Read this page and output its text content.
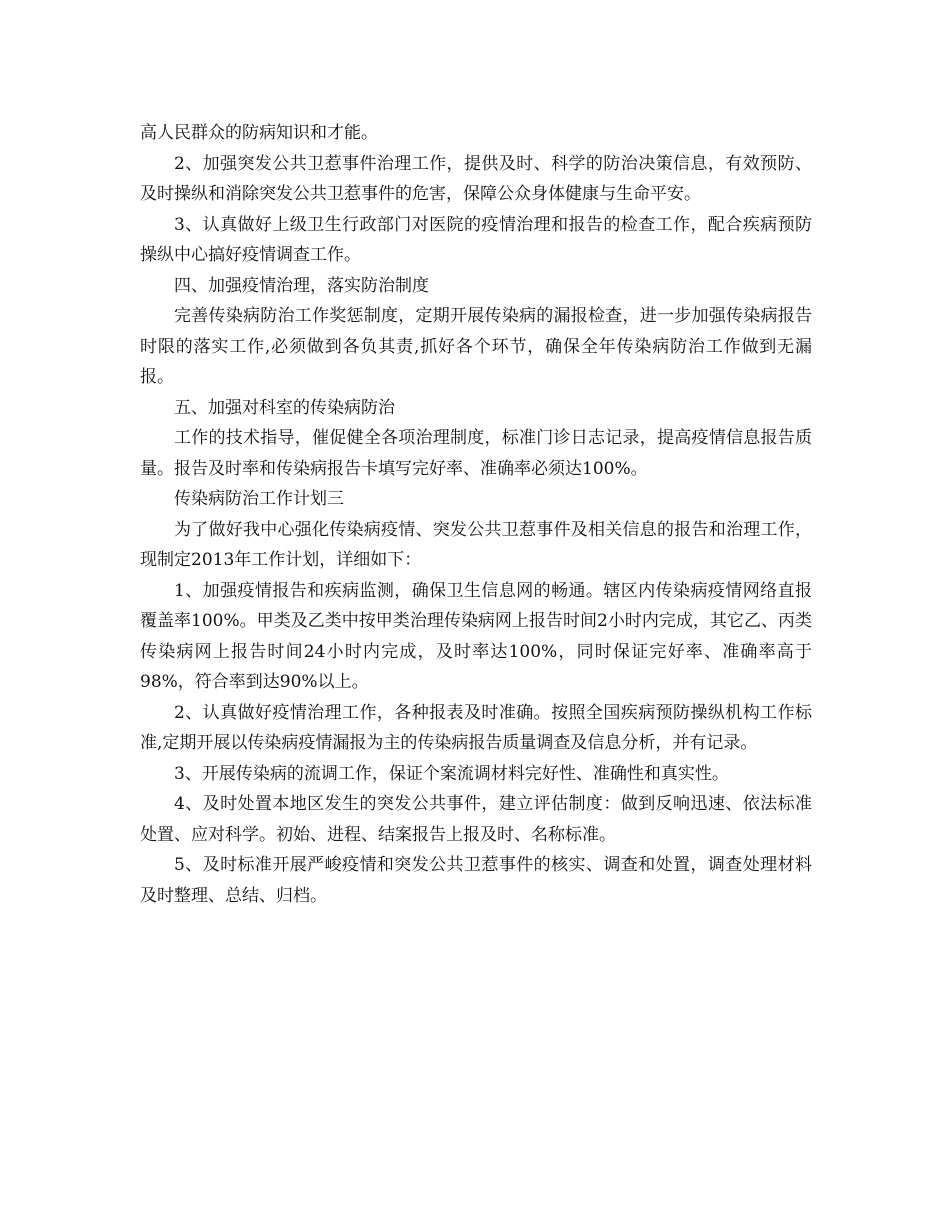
高人民群众的防病知识和才能。

2、加强突发公共卫惹事件治理工作，提供及时、科学的防治决策信息，有效预防、及时操纵和消除突发公共卫惹事件的危害，保障公众身体健康与生命平安。

3、认真做好上级卫生行政部门对医院的疫情治理和报告的检查工作，配合疾病预防操纵中心搞好疫情调查工作。

四、加强疫情治理，落实防治制度

完善传染病防治工作奖惩制度，定期开展传染病的漏报检查，进一步加强传染病报告时限的落实工作,必须做到各负其责,抓好各个环节，确保全年传染病防治工作做到无漏报。

五、加强对科室的传染病防治

工作的技术指导，催促健全各项治理制度，标准门诊日志记录，提高疫情信息报告质量。报告及时率和传染病报告卡填写完好率、准确率必须达100%。

传染病防治工作计划三

为了做好我中心强化传染病疫情、突发公共卫惹事件及相关信息的报告和治理工作，现制定2013年工作计划，详细如下：

1、加强疫情报告和疾病监测，确保卫生信息网的畅通。辖区内传染病疫情网络直报覆盖率100%。甲类及乙类中按甲类治理传染病网上报告时间2小时内完成，其它乙、丙类传染病网上报告时间24小时内完成，及时率达100%，同时保证完好率、准确率高于98%，符合率到达90%以上。

2、认真做好疫情治理工作，各种报表及时准确。按照全国疾病预防操纵机构工作标准,定期开展以传染病疫情漏报为主的传染病报告质量调查及信息分析，并有记录。

3、开展传染病的流调工作，保证个案流调材料完好性、准确性和真实性。

4、及时处置本地区发生的突发公共事件，建立评估制度：做到反响迅速、依法标准处置、应对科学。初始、进程、结案报告上报及时、名称标准。

5、及时标准开展严峻疫情和突发公共卫惹事件的核实、调查和处置，调查处理材料及时整理、总结、归档。
